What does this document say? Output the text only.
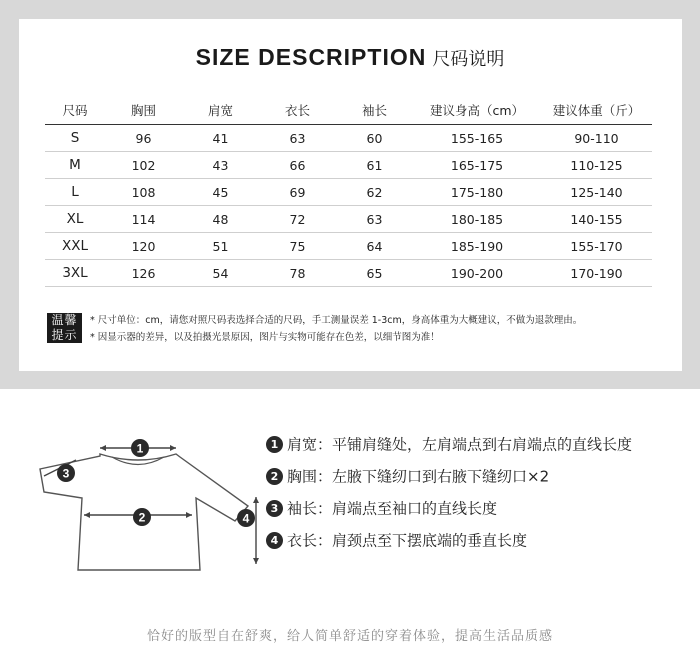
SIZE DESCRIPTION 尺码说明
尺码	胸围	肩宽	衣长	袖长	建议身高（cm）	建议体重（斤）
S	96	41	63	60	155-165	90-110
M	102	43	66	61	165-175	110-125
L	108	45	69	62	175-180	125-140
XL	114	48	72	63	180-185	140-155
XXL	120	51	75	64	185-190	155-170
3XL	126	54	78	65	190-200	170-190
温馨
提示
* 尺寸单位：cm，请您对照尺码表选择合适的尺码，手工测量误差 1-3cm，身高体重为大概建议，不做为退款理由。
* 因显示器的差异，以及拍摄光景原因，图片与实物可能存在色差，以细节图为准！
1
2
3
4
1 肩宽：平铺肩缝处，左肩端点到右肩端点的直线长度
2 胸围：左腋下缝纫口到右腋下缝纫口×2
3 袖长：肩端点至袖口的直线长度
4 衣长：肩颈点至下摆底端的垂直长度
恰好的版型自在舒爽，给人简单舒适的穿着体验，提高生活品质感
